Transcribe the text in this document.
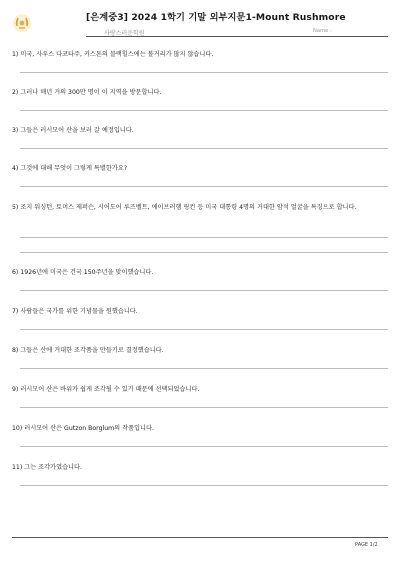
[은계중3] 2024 1학기 기말 외부지문1-Mount Rushmore
사랑스러운학원	Name :
1) 미국, 사우스 다코타주, 키스톤의 블랙힐스에는 볼거리가 많지 않습니다.
2) 그러나 매년 거의 300만 명이 이 지역을 방문합니다.
3) 그들은 러시모어 산을 보러 갈 예정입니다.
4) 그것에 대해 무엇이 그렇게 특별한가요?
5) 조지 워싱턴, 토머스 제퍼슨, 시어도어 루즈벨트, 에이브러햄 링컨 등 미국 대통령 4명의 거대한 암석 얼굴을 특징으로 합니다.
6) 1926년에 미국은 건국 150주년을 맞이했습니다.
7) 사람들은 국가를 위한 기념물을 원했습니다.
8) 그들은 산에 거대한 조각품을 만들기로 결정했습니다.
9) 러시모어 산은 바위가 쉽게 조각될 수 있기 때문에 선택되었습니다.
10) 러시모어 산은 Gutzon Borglum의 작품입니다.
11) 그는 조각가였습니다.
PAGE 1/2
